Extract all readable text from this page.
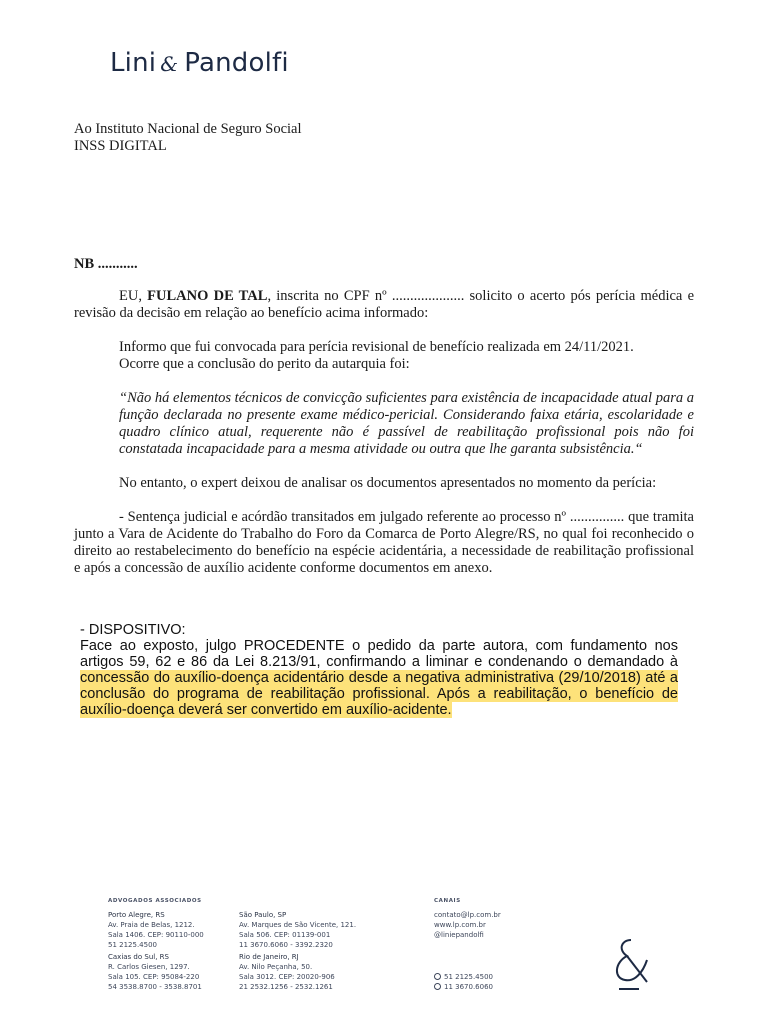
Lini & Pandolfi
Ao Instituto Nacional de Seguro Social
INSS DIGITAL
NB ...........

EU, FULANO DE TAL, inscrita no CPF nº .................... solicito o acerto pós perícia médica e revisão da decisão em relação ao benefício acima informado:

Informo que fui convocada para perícia revisional de benefício realizada em 24/11/2021.

Ocorre que a conclusão do perito da autarquia foi:

“Não há elementos técnicos de convicção suficientes para existência de incapacidade atual para a função declarada no presente exame médico-pericial. Considerando faixa etária, escolaridade e quadro clínico atual, requerente não é passível de reabilitação profissional pois não foi constatada incapacidade para a mesma atividade ou outra que lhe garanta subsistência.“

No entanto, o expert deixou de analisar os documentos apresentados no momento da perícia:

- Sentença judicial e acórdão transitados em julgado referente ao processo nº ............... que tramita junto a Vara de Acidente do Trabalho do Foro da Comarca de Porto Alegre/RS, no qual foi reconhecido o direito ao restabelecimento do benefício na espécie acidentária, a necessidade de reabilitação profissional e após a concessão de auxílio acidente conforme documentos em anexo.

- DISPOSITIVO:

Face ao exposto, julgo PROCEDENTE o pedido da parte autora, com fundamento nos artigos 59, 62 e 86 da Lei 8.213/91, confirmando a liminar e condenando o demandado à concessão do auxílio-doença acidentário desde a negativa administrativa (29/10/2018) até a conclusão do programa de reabilitação profissional. Após a reabilitação, o benefício de auxílio-doença deverá ser convertido em auxílio-acidente.

ADVOGADOS ASSOCIADOS	CANAIS
Porto Alegre, RS
Av. Praia de Belas, 1212.
Sala 1406. CEP: 90110-000
51 2125.4500
Caxias do Sul, RS
R. Carlos Giesen, 1297.
Sala 105. CEP: 95084-220
54 3538.8700 - 3538.8701
São Paulo, SP
Av. Marques de São Vicente, 121.
Sala 506. CEP: 01139-001
11 3670.6060 - 3392.2320
Rio de Janeiro, RJ
Av. Nilo Peçanha, 50.
Sala 3012. CEP: 20020-906
21 2532.1256 - 2532.1261
contato@lp.com.br
www.lp.com.br
@liniepandolfi
51 2125.4500
11 3670.6060
